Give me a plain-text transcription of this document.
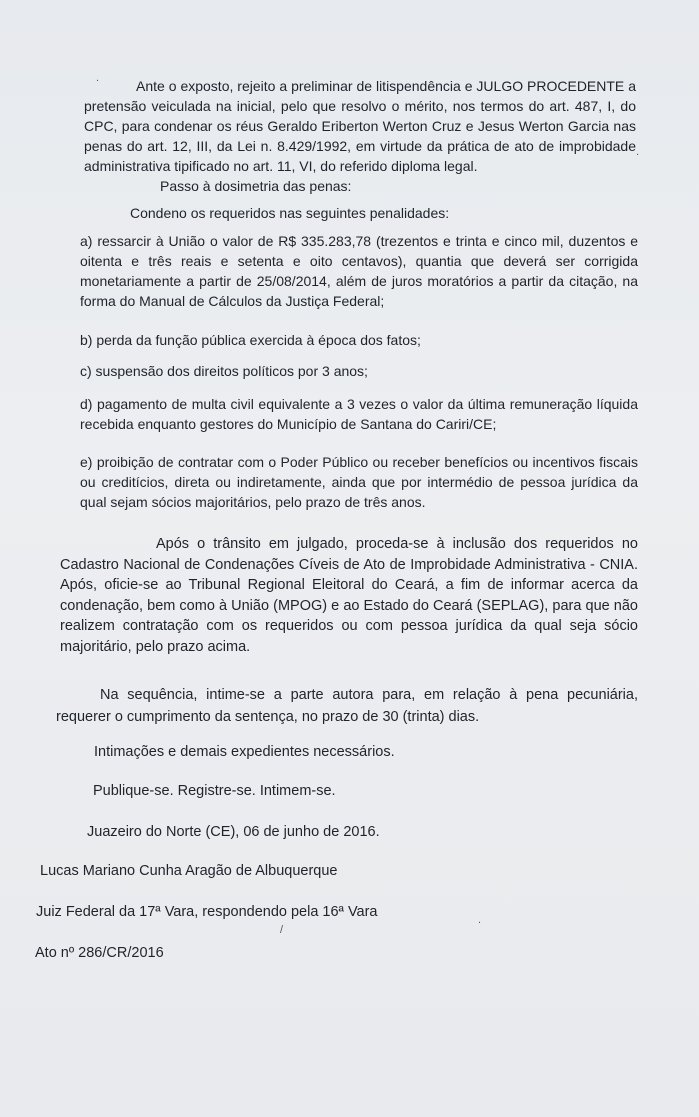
.
.
.
/

Ante o exposto, rejeito a preliminar de litispendência e JULGO PROCEDENTE a pretensão veiculada na inicial, pelo que resolvo o mérito, nos termos do art. 487, I, do CPC, para condenar os réus Geraldo Eriberton Werton Cruz e Jesus Werton Garcia nas penas do art. 12, III, da Lei n. 8.429/1992, em virtude da prática de ato de improbidade administrativa tipificado no art. 11, VI, do referido diploma legal.

Passo à dosimetria das penas:

Condeno os requeridos nas seguintes penalidades:

a) ressarcir à União o valor de R$ 335.283,78 (trezentos e trinta e cinco mil, duzentos e oitenta e três reais e setenta e oito centavos), quantia que deverá ser corrigida monetariamente a partir de 25/08/2014, além de juros moratórios a partir da citação, na forma do Manual de Cálculos da Justiça Federal;

b) perda da função pública exercida à época dos fatos;

c) suspensão dos direitos políticos por 3 anos;

d) pagamento de multa civil equivalente a 3 vezes o valor da última remuneração líquida recebida enquanto gestores do Município de Santana do Cariri/CE;

e) proibição de contratar com o Poder Público ou receber benefícios ou incentivos fiscais ou creditícios, direta ou indiretamente, ainda que por intermédio de pessoa jurídica da qual sejam sócios majoritários, pelo prazo de três anos.

Após o trânsito em julgado, proceda-se à inclusão dos requeridos no Cadastro Nacional de Condenações Cíveis de Ato de Improbidade Administrativa - CNIA. Após, oficie-se ao Tribunal Regional Eleitoral do Ceará, a fim de informar acerca da condenação, bem como à União (MPOG) e ao Estado do Ceará (SEPLAG), para que não realizem contratação com os requeridos ou com pessoa jurídica da qual seja sócio majoritário, pelo prazo acima.

Na sequência, intime-se a parte autora para, em relação à pena pecuniária, requerer o cumprimento da sentença, no prazo de 30 (trinta) dias.

Intimações e demais expedientes necessários.
Publique-se. Registre-se. Intimem-se.
Juazeiro do Norte (CE), 06 de junho de 2016.
Lucas Mariano Cunha Aragão de Albuquerque
Juiz Federal da 17ª Vara, respondendo pela 16ª Vara
Ato nº 286/CR/2016
